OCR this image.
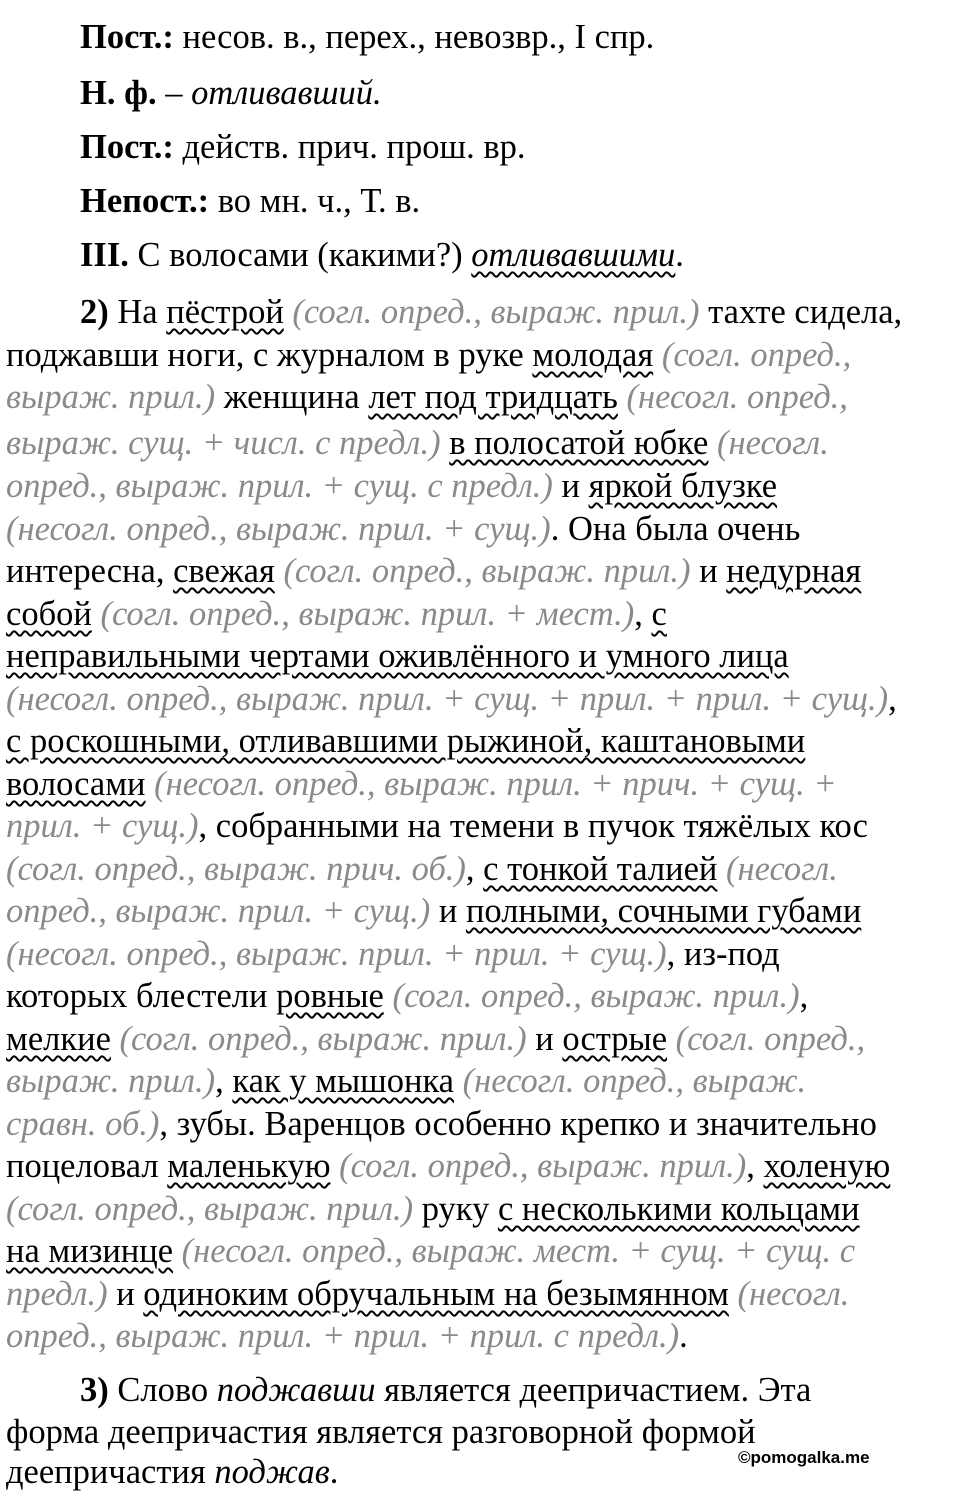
Пост.: несов. в., перех., невозвр., I спр.
Н. ф. – отливавший.
Пост.: действ. прич. прош. вр.
Непост.: во мн. ч., Т. в.
III. С волосами (какими?) отливавшими.
2) На пёстрой (согл. опред., выраж. прил.) тахте сидела,
поджавши ноги, с журналом в руке молодая (согл. опред.,
выраж. прил.) женщина лет под тридцать (несогл. опред.,
выраж. сущ. + числ. с предл.) в полосатой юбке (несогл.
опред., выраж. прил. + сущ. с предл.) и яркой блузке
(несогл. опред., выраж. прил. + сущ.). Она была очень
интересна, свежая (согл. опред., выраж. прил.) и недурная
собой (согл. опред., выраж. прил. + мест.), с
неправильными чертами оживлённого и умного лица
(несогл. опред., выраж. прил. + сущ. + прил. + прил. + сущ.),
с роскошными, отливавшими рыжиной, каштановыми
волосами (несогл. опред., выраж. прил. + прич. + сущ. +
прил. + сущ.), собранными на темени в пучок тяжёлых кос
(согл. опред., выраж. прич. об.), с тонкой талией (несогл.
опред., выраж. прил. + сущ.) и полными, сочными губами
(несогл. опред., выраж. прил. + прил. + сущ.), из-под
которых блестели ровные (согл. опред., выраж. прил.),
мелкие (согл. опред., выраж. прил.) и острые (согл. опред.,
выраж. прил.), как у мышонка (несогл. опред., выраж.
сравн. об.), зубы. Варенцов особенно крепко и значительно
поцеловал маленькую (согл. опред., выраж. прил.), холеную
(согл. опред., выраж. прил.) руку с несколькими кольцами
на мизинце (несогл. опред., выраж. мест. + сущ. + сущ. с
предл.) и одиноким обручальным на безымянном (несогл.
опред., выраж. прил. + прил. + прил. с предл.).
3) Слово поджавши является деепричастием. Эта
форма деепричастия является разговорной формой
деепричастия поджав.	©pomogalka.me
